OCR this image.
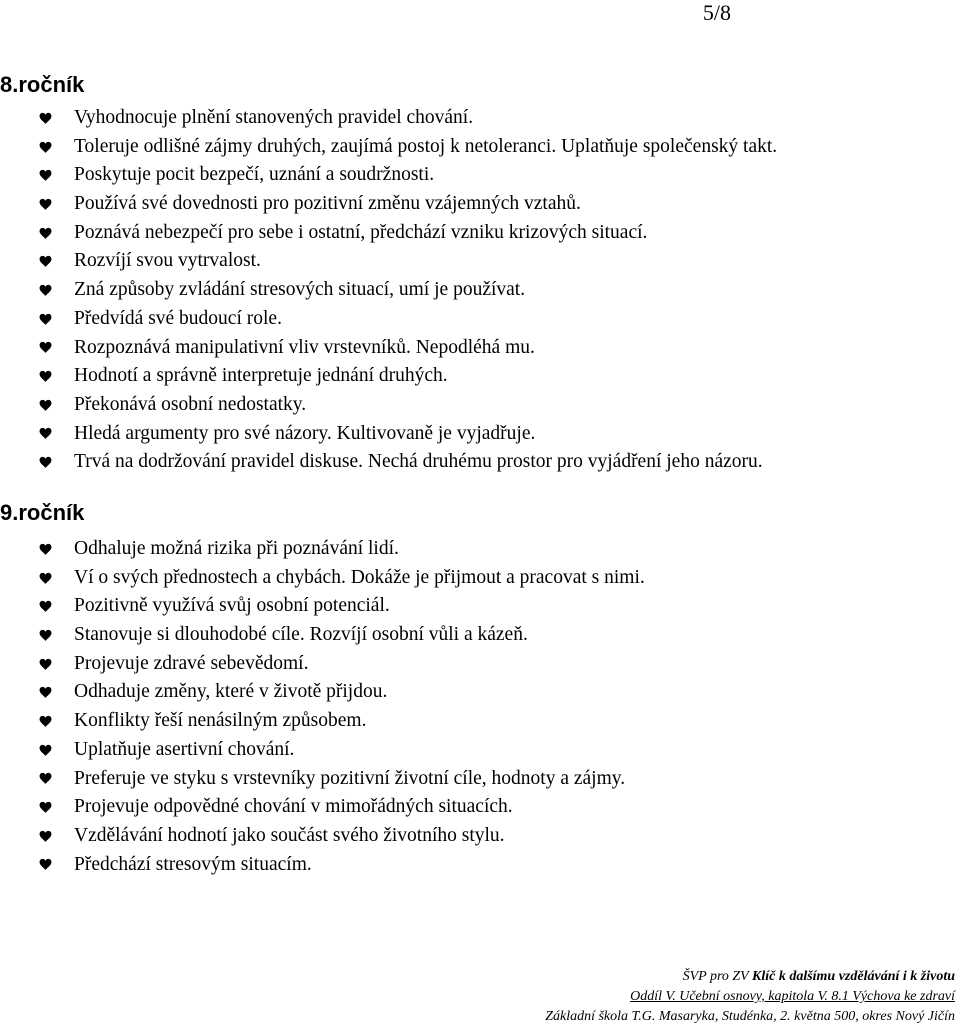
5/8
8.ročník
Vyhodnocuje plnění stanovených pravidel chování.
Toleruje odlišné zájmy druhých, zaujímá postoj k netoleranci. Uplatňuje společenský takt.
Poskytuje pocit bezpečí, uznání a soudržnosti.
Používá své dovednosti pro pozitivní změnu vzájemných vztahů.
Poznává nebezpečí pro sebe i ostatní, předchází vzniku krizových situací.
Rozvíjí svou vytrvalost.
Zná způsoby zvládání stresových situací, umí je používat.
Předvídá své budoucí role.
Rozpoznává manipulativní vliv vrstevníků. Nepodléhá mu.
Hodnotí a správně interpretuje jednání druhých.
Překonává osobní nedostatky.
Hledá argumenty pro své názory. Kultivovaně je vyjadřuje.
Trvá na dodržování pravidel diskuse. Nechá druhému prostor pro vyjádření jeho názoru.
9.ročník
Odhaluje možná rizika při poznávání lidí.
Ví o svých přednostech a chybách. Dokáže je přijmout a pracovat s nimi.
Pozitivně využívá svůj osobní potenciál.
Stanovuje si dlouhodobé cíle. Rozvíjí osobní vůli a kázeň.
Projevuje zdravé sebevědomí.
Odhaduje změny, které v životě přijdou.
Konflikty řeší nenásilným způsobem.
Uplatňuje asertivní chování.
Preferuje ve styku s vrstevníky pozitivní životní cíle, hodnoty a zájmy.
Projevuje odpovědné chování v mimořádných situacích.
Vzdělávání hodnotí jako součást svého životního stylu.
Předchází stresovým situacím.
ŠVP pro ZV Klíč k dalšímu vzdělávání i k životu
Oddíl V. Učební osnovy, kapitola V. 8.1 Výchova ke zdraví
Základní škola T.G. Masaryka, Studénka, 2. května 500, okres Nový Jičín
